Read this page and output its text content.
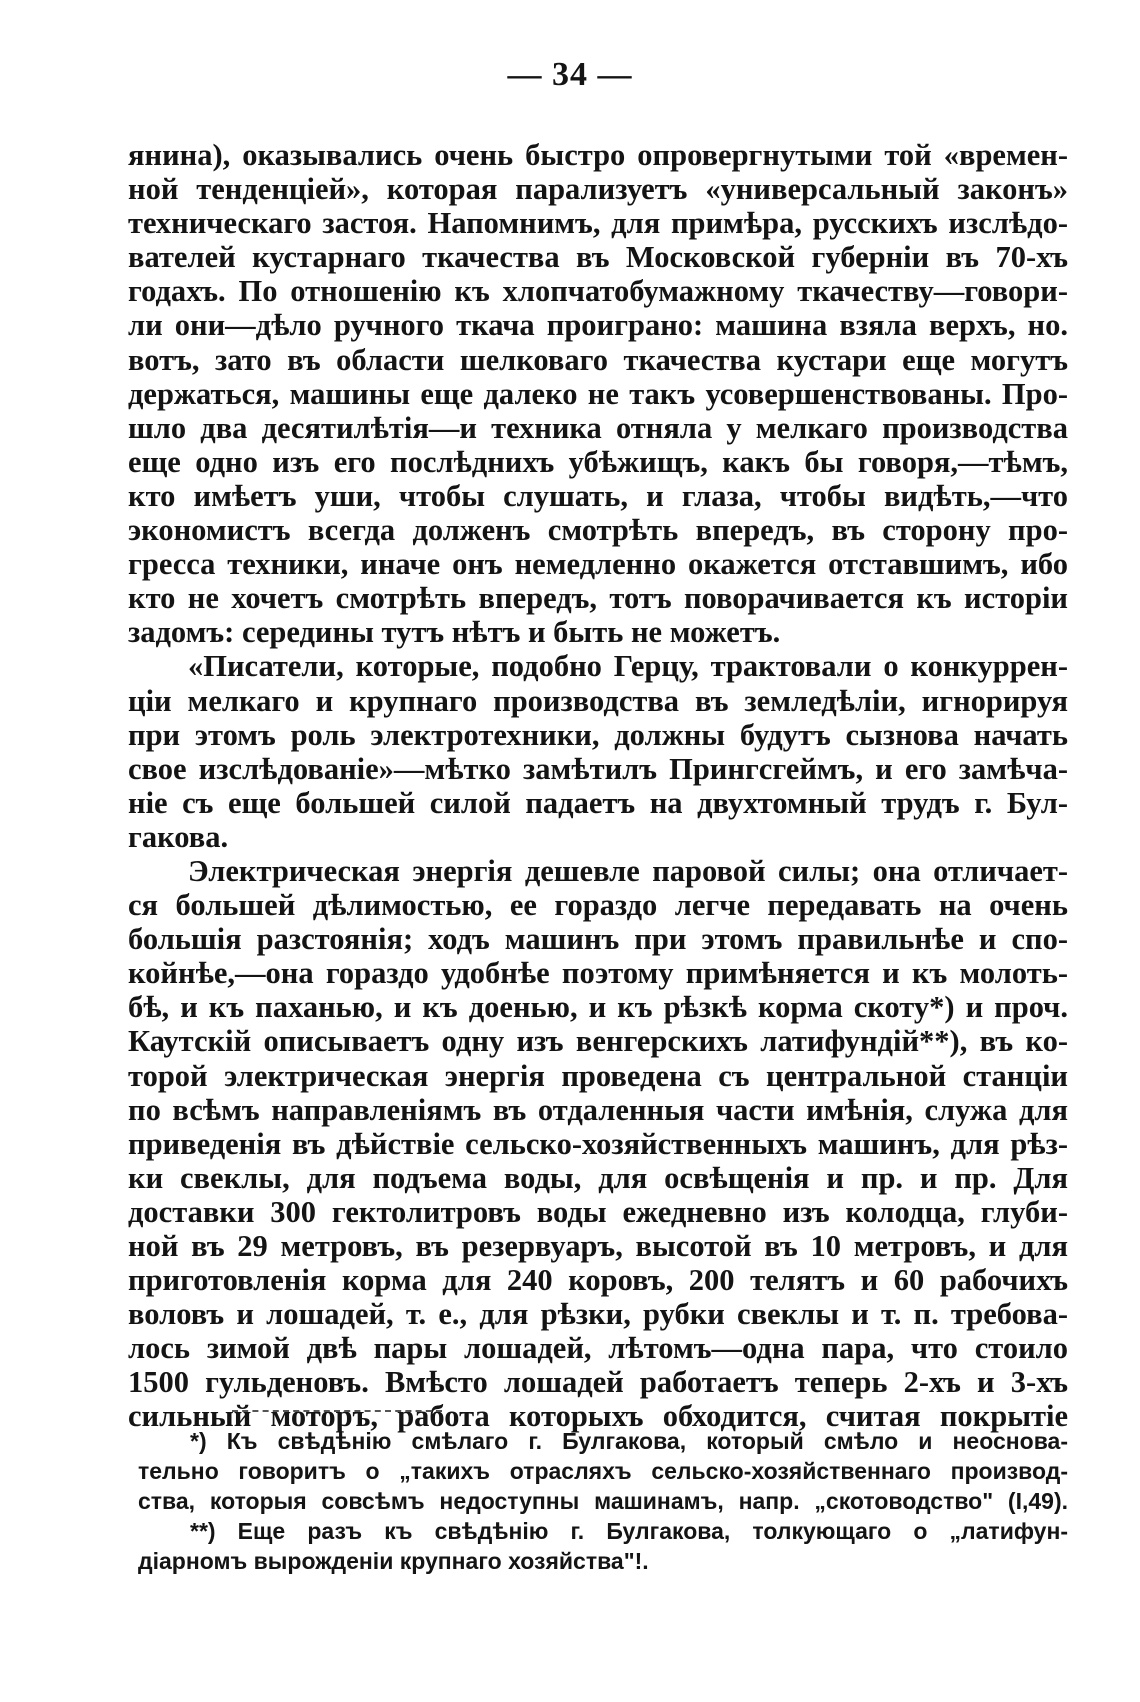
— 34 —

янина), оказывались очень быстро опровергнутыми той «времен-
ной тенденцiей», которая парализуетъ «универсальный законъ»
техническаго застоя. Напомнимъ, для примѣра, русскихъ изслѣдо-
вателей кустарнаго ткачества въ Московской губернiи въ 70-хъ
годахъ. По отношенiю къ хлопчатобумажному ткачеству—говори-
ли они—дѣло ручного ткача проиграно: машина взяла верхъ, но.
вотъ, зато въ области шелковаго ткачества кустари еще могутъ
держаться, машины еще далеко не такъ усовершенствованы. Про-
шло два десятилѣтiя—и техника отняла у мелкаго производства
еще одно изъ его послѣднихъ убѣжищъ, какъ бы говоря,—тѣмъ,
кто имѣетъ уши, чтобы слушать, и глаза, чтобы видѣть,—что
экономистъ всегда долженъ смотрѣть впередъ, въ сторону про-
гресса техники, иначе онъ немедленно окажется отставшимъ, ибо
кто не хочетъ смотрѣть впередъ, тотъ поворачивается къ исторiи
задомъ: середины тутъ нѣтъ и быть не можетъ.

«Писатели, которые, подобно Герцу, трактовали о конкуррен-
цiи мелкаго и крупнаго производства въ земледѣлiи, игнорируя
при этомъ роль электротехники, должны будутъ сызнова начать
свое изслѣдованiе»—мѣтко замѣтилъ Прингсгеймъ, и его замѣча-
нiе съ еще большей силой падаетъ на двухтомный трудъ г. Бул-
гакова.

Электрическая энергiя дешевле паровой силы; она отличает-
ся большей дѣлимостью, ее гораздо легче передавать на очень
большiя разстоянiя; ходъ машинъ при этомъ правильнѣе и спо-
койнѣе,—она гораздо удобнѣе поэтому примѣняется и къ молоть-
бѣ, и къ паханью, и къ доенью, и къ рѣзкѣ корма скоту*) и проч.
Каутскiй описываетъ одну изъ венгерскихъ латифундiй**), въ ко-
торой электрическая энергiя проведена съ центральной станцiи
по всѣмъ направленiямъ въ отдаленныя части имѣнiя, служа для
приведенiя въ дѣйствiе сельско-хозяйственныхъ машинъ, для рѣз-
ки свеклы, для подъема воды, для освѣщенiя и пр. и пр. Для
доставки 300 гектолитровъ воды ежедневно изъ колодца, глуби-
ной въ 29 метровъ, въ резервуаръ, высотой въ 10 метровъ, и для
приготовленiя корма для 240 коровъ, 200 телятъ и 60 рабочихъ
воловъ и лошадей, т. е., для рѣзки, рубки свеклы и т. п. требова-
лось зимой двѣ пары лошадей, лѣтомъ—одна пара, что стоило
1500 гульденовъ. Вмѣсто лошадей работаетъ теперь 2-хъ и 3-хъ
сильный моторъ, работа которыхъ обходится, считая покрытiе

*) Къ свѣдѣнiю смѣлаго г. Булгакова, который смѣло и неоснова-
тельно говоритъ о „такихъ отрасляхъ сельско-хозяйственнаго производ-
ства, которыя совсѣмъ недоступны машинамъ, напр. „скотоводство" (I,49).
**) Еще разъ къ свѣдѣнiю г. Булгакова, толкующаго о „латифун-
дiарномъ вырожденiи крупнаго хозяйства"!.
